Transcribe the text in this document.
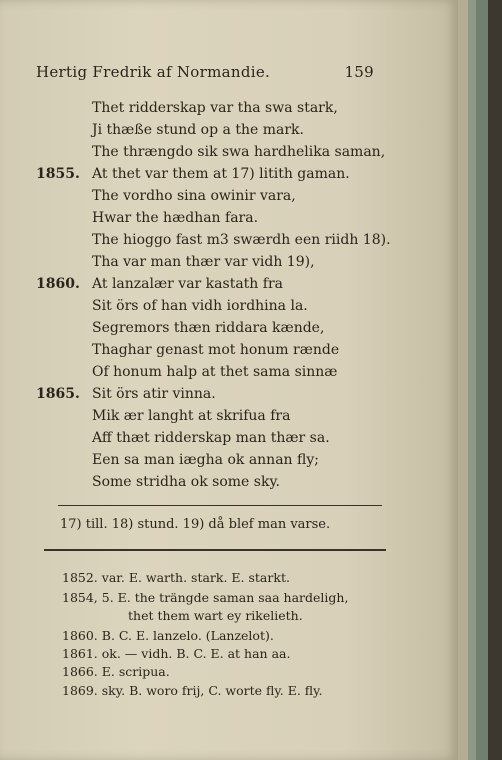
Hertig Fredrik af Normandie.	159
Thet ridderskap var tha swa stark,
Ji thæße stund op a the mark.
The thrængdo sik swa hardhelika saman,
1855. At thet var them at 17) litith gaman.
The vordho sina owinir vara,
Hwar the hædhan fara.
The hioggo fast m3 swærdh een riidh 18).
Tha var man thær var vidh 19),
1860. At lanzalær var kastath fra
Sit örs of han vidh iordhina la.
Segremors thæn riddara kænde,
Thaghar genast mot honum rænde
Of honum halp at thet sama sinnæ
1865. Sit örs atir vinna.
Mik ær langht at skrifua fra
Aff thæt ridderskap man thær sa.
Een sa man iægha ok annan fly;
Some stridha ok some sky.
17) till. 18) stund. 19) då blef man varse.
1852. var. E. warth. stark. E. starkt.
1854, 5. E. the trängde saman saa hardeligh,
thet them wart ey rikelieth.
1860. B. C. E. lanzelo. (Lanzelot).
1861. ok. — vidh. B. C. E. at han aa.
1866. E. scripua.
1869. sky. B. woro frij, C. worte fly. E. fly.
